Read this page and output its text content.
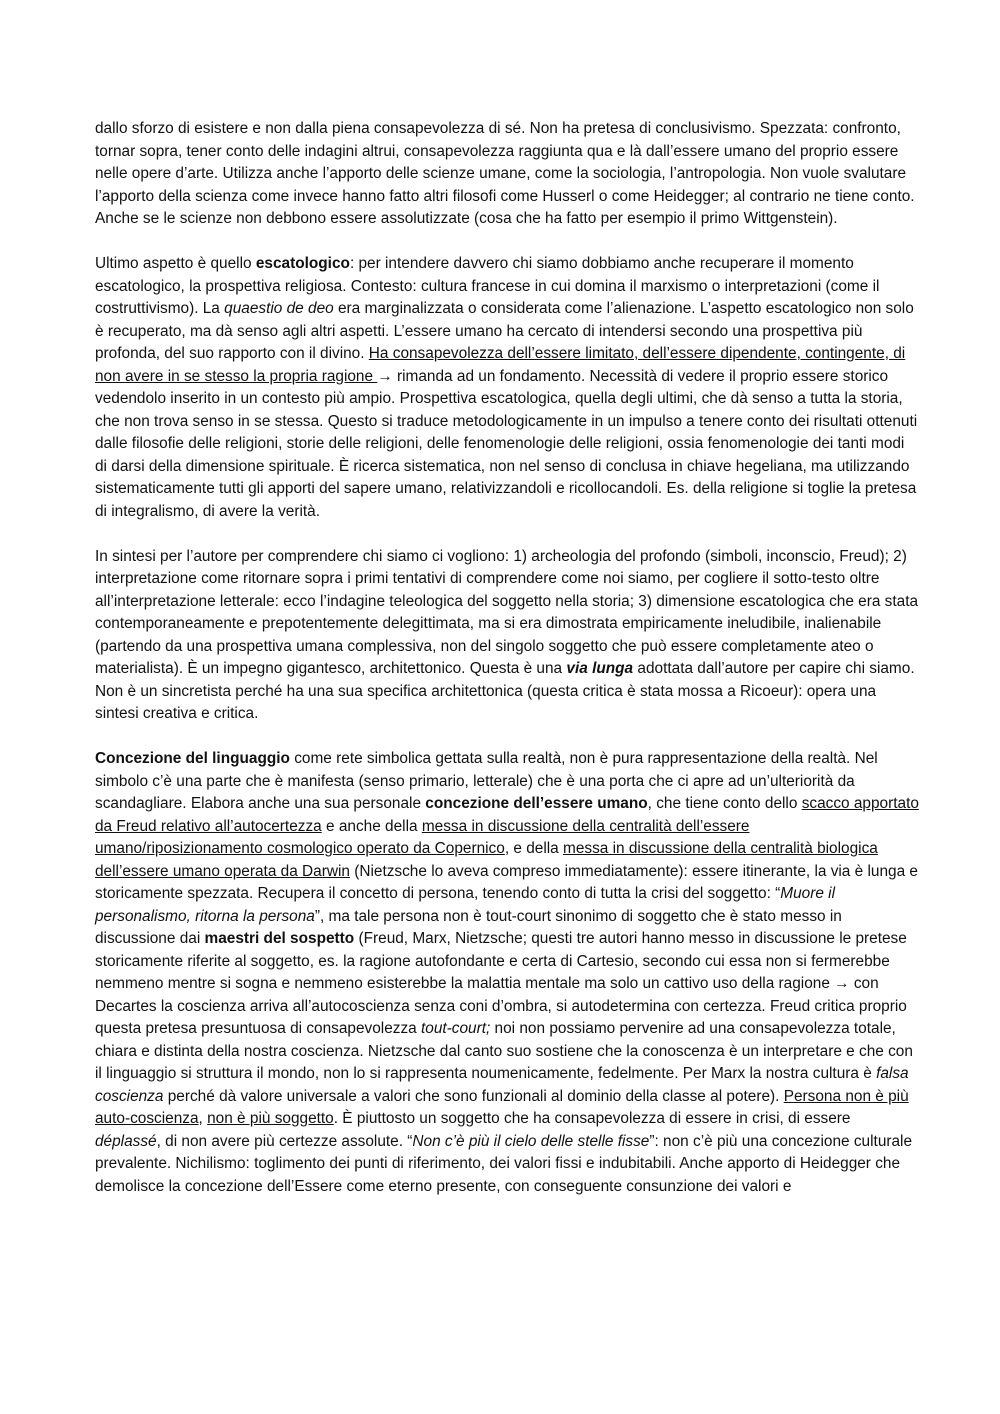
dallo sforzo di esistere e non dalla piena consapevolezza di sé. Non ha pretesa di conclusivismo. Spezzata: confronto, tornar sopra, tener conto delle indagini altrui, consapevolezza raggiunta qua e là dall’essere umano del proprio essere nelle opere d’arte. Utilizza anche l’apporto delle scienze umane, come la sociologia, l’antropologia. Non vuole svalutare l’apporto della scienza come invece hanno fatto altri filosofi come Husserl o come Heidegger; al contrario ne tiene conto. Anche se le scienze non debbono essere assolutizzate (cosa che ha fatto per esempio il primo Wittgenstein).

Ultimo aspetto è quello escatologico: per intendere davvero chi siamo dobbiamo anche recuperare il momento escatologico, la prospettiva religiosa. Contesto: cultura francese in cui domina il marxismo o interpretazioni (come il costruttivismo). La quaestio de deo era marginalizzata o considerata come l’alienazione. L’aspetto escatologico non solo è recuperato, ma dà senso agli altri aspetti. L’essere umano ha cercato di intendersi secondo una prospettiva più profonda, del suo rapporto con il divino. Ha consapevolezza dell’essere limitato, dell’essere dipendente, contingente, di non avere in se stesso la propria ragione → rimanda ad un fondamento. Necessità di vedere il proprio essere storico vedendolo inserito in un contesto più ampio. Prospettiva escatologica, quella degli ultimi, che dà senso a tutta la storia, che non trova senso in se stessa. Questo si traduce metodologicamente in un impulso a tenere conto dei risultati ottenuti dalle filosofie delle religioni, storie delle religioni, delle fenomenologie delle religioni, ossia fenomenologie dei tanti modi di darsi della dimensione spirituale. È ricerca sistematica, non nel senso di conclusa in chiave hegeliana, ma utilizzando sistematicamente tutti gli apporti del sapere umano, relativizzandoli e ricollocandoli. Es. della religione si toglie la pretesa di integralismo, di avere la verità.

In sintesi per l’autore per comprendere chi siamo ci vogliono: 1) archeologia del profondo (simboli, inconscio, Freud); 2) interpretazione come ritornare sopra i primi tentativi di comprendere come noi siamo, per cogliere il sotto-testo oltre all’interpretazione letterale: ecco l’indagine teleologica del soggetto nella storia; 3) dimensione escatologica che era stata contemporaneamente e prepotentemente delegittimata, ma si era dimostrata empiricamente ineludibile, inalienabile (partendo da una prospettiva umana complessiva, non del singolo soggetto che può essere completamente ateo o materialista). È un impegno gigantesco, architettonico. Questa è una via lunga adottata dall’autore per capire chi siamo. Non è un sincretista perché ha una sua specifica architettonica (questa critica è stata mossa a Ricoeur): opera una sintesi creativa e critica.

Concezione del linguaggio come rete simbolica gettata sulla realtà, non è pura rappresentazione della realtà. Nel simbolo c’è una parte che è manifesta (senso primario, letterale) che è una porta che ci apre ad un’ulteriorità da scandagliare. Elabora anche una sua personale concezione dell’essere umano, che tiene conto dello scacco apportato da Freud relativo all’autocertezza e anche della messa in discussione della centralità dell’essere umano/riposizionamento cosmologico operato da Copernico, e della messa in discussione della centralità biologica dell’essere umano operata da Darwin (Nietzsche lo aveva compreso immediatamente): essere itinerante, la via è lunga e storicamente spezzata. Recupera il concetto di persona, tenendo conto di tutta la crisi del soggetto: “Muore il personalismo, ritorna la persona”, ma tale persona non è tout-court sinonimo di soggetto che è stato messo in discussione dai maestri del sospetto (Freud, Marx, Nietzsche; questi tre autori hanno messo in discussione le pretese storicamente riferite al soggetto, es. la ragione autofondante e certa di Cartesio, secondo cui essa non si fermerebbe nemmeno mentre si sogna e nemmeno esisterebbe la malattia mentale ma solo un cattivo uso della ragione → con Decartes la coscienza arriva all’autocoscienza senza coni d’ombra, si autodetermina con certezza. Freud critica proprio questa pretesa presuntuosa di consapevolezza tout-court; noi non possiamo pervenire ad una consapevolezza totale, chiara e distinta della nostra coscienza. Nietzsche dal canto suo sostiene che la conoscenza è un interpretare e che con il linguaggio si struttura il mondo, non lo si rappresenta noumenicamente, fedelmente. Per Marx la nostra cultura è falsa coscienza perché dà valore universale a valori che sono funzionali al dominio della classe al potere). Persona non è più auto-coscienza, non è più soggetto. È piuttosto un soggetto che ha consapevolezza di essere in crisi, di essere déplassé, di non avere più certezze assolute. “Non c’è più il cielo delle stelle fisse”: non c’è più una concezione culturale prevalente. Nichilismo: toglimento dei punti di riferimento, dei valori fissi e indubitabili. Anche apporto di Heidegger che demolisce la concezione dell’Essere come eterno presente, con conseguente consunzione dei valori e
